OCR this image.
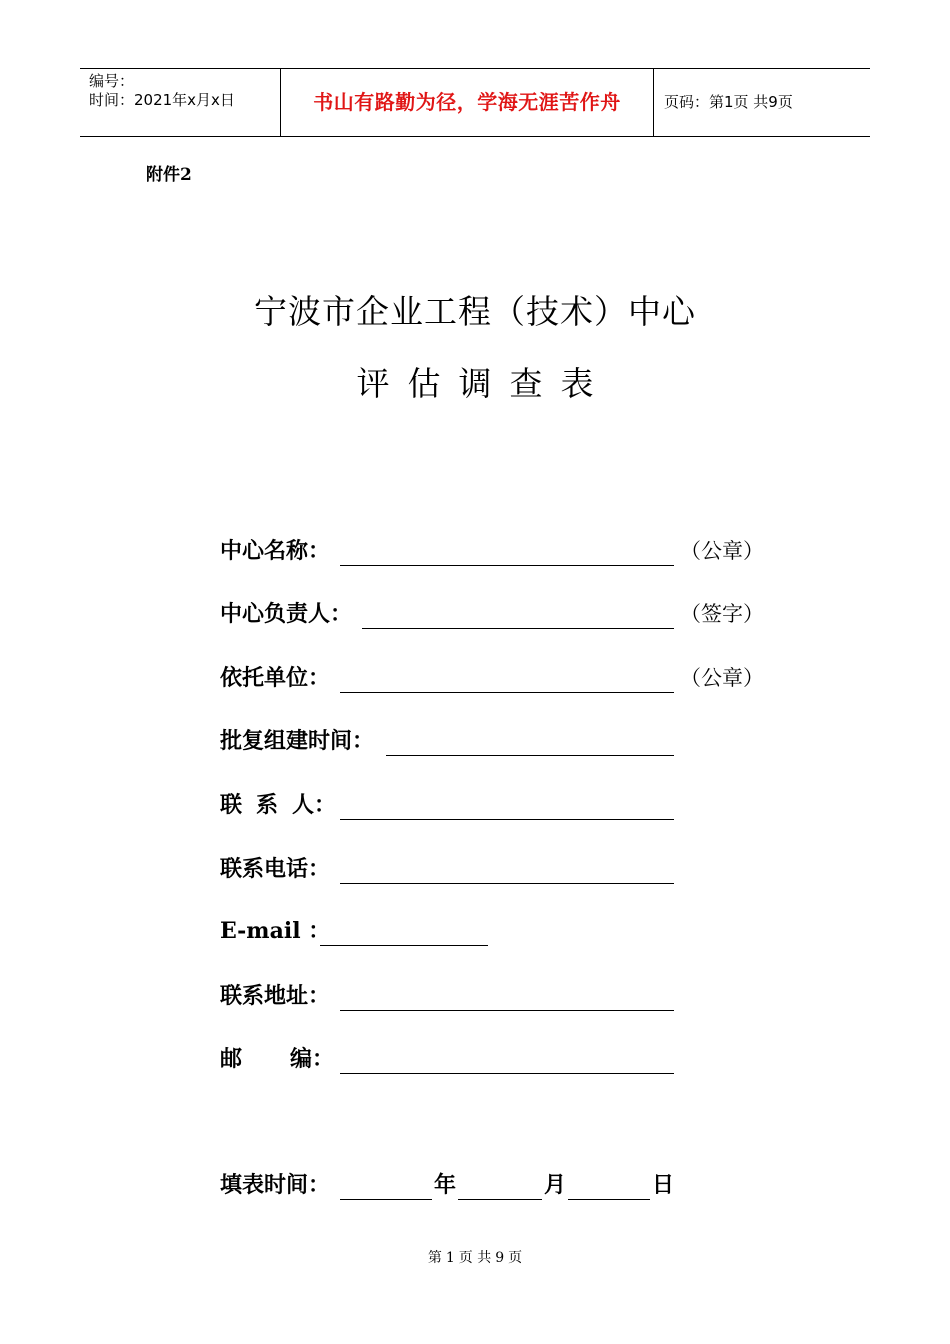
编号：
时间：2021年x月x日	书山有路勤为径，学海无涯苦作舟	页码：第1页 共9页
附件2
宁波市企业工程（技术）中心
评 估 调 查 表
中心名称：	（公章）
中心负责人：	（签字）
依托单位：	（公章）
批复组建时间：
联 系 人：
联系电话：
E-mail ：
联系地址：
邮 编：
填表时间：	年	月	日
第 1 页 共 9 页
